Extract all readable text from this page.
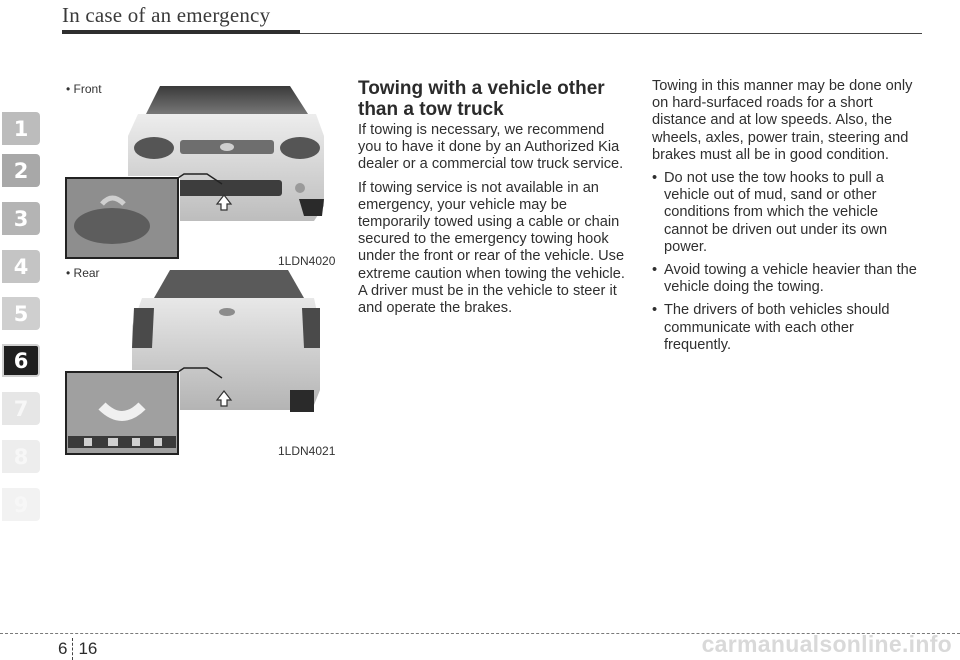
In case of an emergency
1
2
3
4
5
6
7
8
9
• Front
1LDN4020
• Rear
1LDN4021
Towing with a vehicle other than a tow truck

If towing is necessary, we recommend you to have it done by an Authorized Kia dealer or a commercial tow truck service.

If towing service is not available in an emergency, your vehicle may be temporarily towed using a cable or chain secured to the emergency towing hook under the front or rear of the vehicle. Use extreme caution when towing the vehicle. A driver must be in the vehicle to steer it and operate the brakes.

Towing in this manner may be done only on hard-surfaced roads for a short distance and at low speeds. Also, the wheels, axles, power train, steering and brakes must all be in good condition.

• Do not use the tow hooks to pull a vehicle out of mud, sand or other conditions from which the vehicle cannot be driven out under its own power.

• Avoid towing a vehicle heavier than the vehicle doing the towing.

• The drivers of both vehicles should communicate with each other frequently.

6 16	carmanualsonline.info
